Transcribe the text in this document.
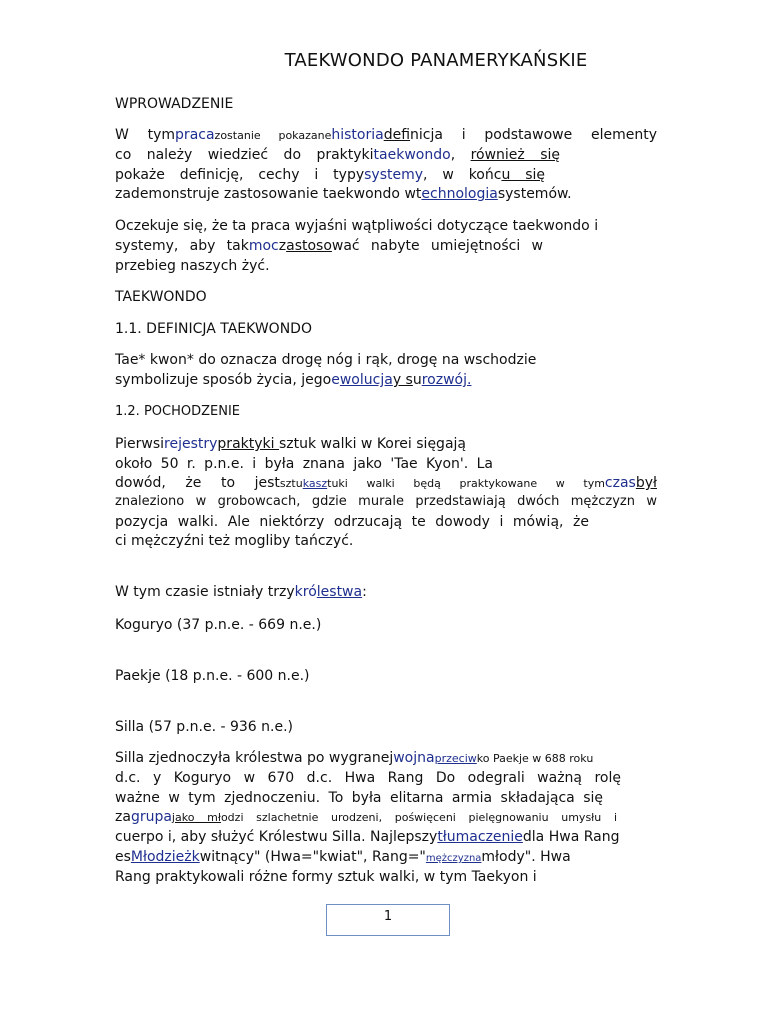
TAEKWONDO PANAMERYKAŃSKIE
WPROWADZENIE
W tympracazostanie pokazanehistoriadefinicja i podstawowe elementy
co należy wiedzieć do praktykitaekwondo, również się
pokaże definicję, cechy i typysystemy, w końcu się
zademonstruje zastosowanie taekwondo wtechnologiasystemów.
Oczekuje się, że ta praca wyjaśni wątpliwości dotyczące taekwondo i
systemy, aby takmoczastosować nabyte umiejętności w
przebieg naszych żyć.
TAEKWONDO
1.1. DEFINICJA TAEKWONDO
Tae* kwon* do oznacza drogę nóg i rąk, drogę na wschodzie
symbolizuje sposób życia, jegoewolucjay surozwój.
1.2. POCHODZENIE
Pierwsirejestrypraktyki sztuk walki w Korei sięgają
około 50 r. p.n.e. i była znana jako 'Tae Kyon'. La
dowód, że to jestsztukasztuki walki będą praktykowane w tymczasbył
znaleziono w grobowcach, gdzie murale przedstawiają dwóch mężczyzn w
pozycja walki. Ale niektórzy odrzucają te dowody i mówią, że
ci mężczyźni też mogliby tańczyć.
W tym czasie istniały trzykrólestwa:
Koguryo (37 p.n.e. - 669 n.e.)
Paekje (18 p.n.e. - 600 n.e.)
Silla (57 p.n.e. - 936 n.e.)
Silla zjednoczyła królestwa po wygranejwojnaprzeciwko Paekje w 688 roku
d.c. y Koguryo w 670 d.c. Hwa Rang Do odegrali ważną rolę
ważne w tym zjednoczeniu. To była elitarna armia składająca się
zagrupajako młodzi szlachetnie urodzeni, poświęceni pielęgnowaniu umysłu i
cuerpo i, aby służyć Królestwu Silla. Najlepszytłumaczeniedla Hwa Rang
esMłodzieżkwitnący" (Hwa="kwiat", Rang="mężczyznamłody". Hwa
Rang praktykowali różne formy sztuk walki, w tym Taekyon i
1
